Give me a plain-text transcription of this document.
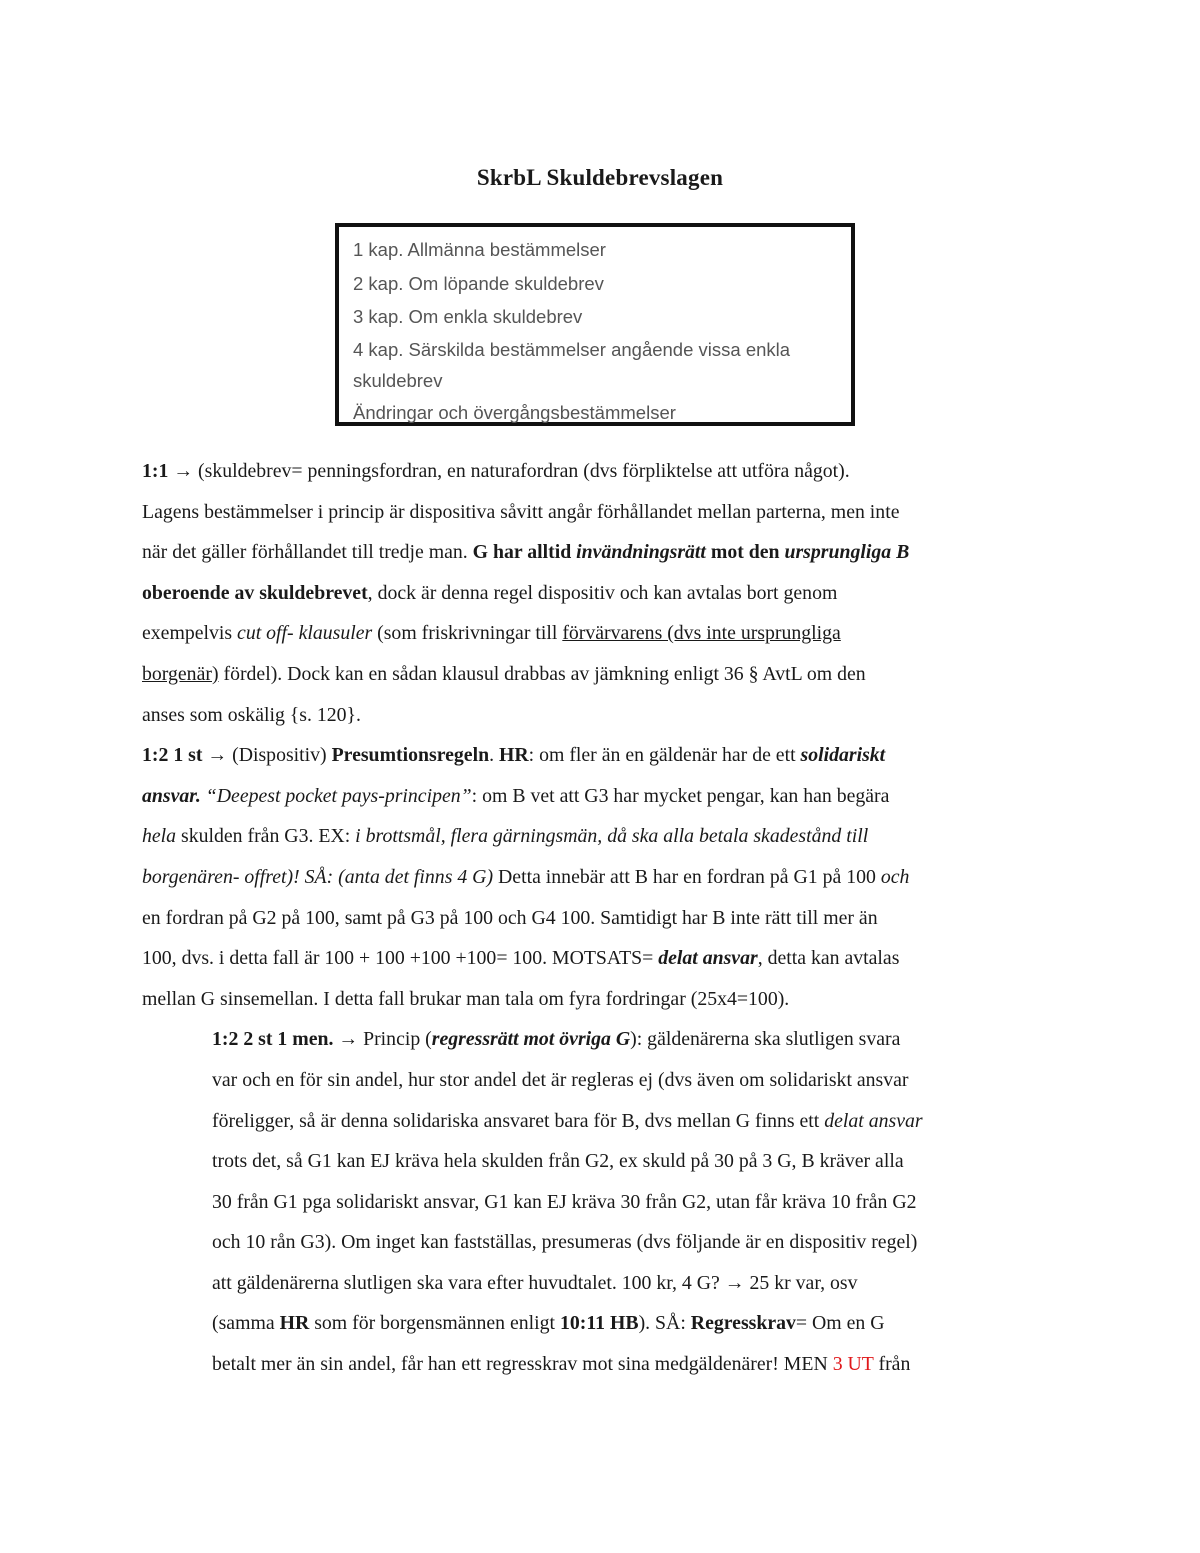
SkrbL Skuldebrevslagen
1 kap. Allmänna bestämmelser
2 kap. Om löpande skuldebrev
3 kap. Om enkla skuldebrev
4 kap. Särskilda bestämmelser angående vissa enkla
skuldebrev
Ändringar och övergångsbestämmelser
1:1 → (skuldebrev= penningsfordran, en naturafordran (dvs förpliktelse att utföra något).
Lagens bestämmelser i princip är dispositiva såvitt angår förhållandet mellan parterna, men inte
när det gäller förhållandet till tredje man. G har alltid invändningsrätt mot den ursprungliga B
oberoende av skuldebrevet, dock är denna regel dispositiv och kan avtalas bort genom
exempelvis cut off- klausuler (som friskrivningar till förvärvarens (dvs inte ursprungliga
borgenär) fördel). Dock kan en sådan klausul drabbas av jämkning enligt 36 § AvtL om den
anses som oskälig {s. 120}.
1:2 1 st → (Dispositiv) Presumtionsregeln. HR: om fler än en gäldenär har de ett solidariskt
ansvar. “Deepest pocket pays-principen”: om B vet att G3 har mycket pengar, kan han begära
hela skulden från G3. EX: i brottsmål, flera gärningsmän, då ska alla betala skadestånd till
borgenären- offret)! SÅ: (anta det finns 4 G) Detta innebär att B har en fordran på G1 på 100 och
en fordran på G2 på 100, samt på G3 på 100 och G4 100. Samtidigt har B inte rätt till mer än
100, dvs. i detta fall är 100 + 100 +100 +100= 100. MOTSATS= delat ansvar, detta kan avtalas
mellan G sinsemellan. I detta fall brukar man tala om fyra fordringar (25x4=100).
1:2 2 st 1 men. → Princip (regressrätt mot övriga G): gäldenärerna ska slutligen svara
var och en för sin andel, hur stor andel det är regleras ej (dvs även om solidariskt ansvar
föreligger, så är denna solidariska ansvaret bara för B, dvs mellan G finns ett delat ansvar
trots det, så G1 kan EJ kräva hela skulden från G2, ex skuld på 30 på 3 G, B kräver alla
30 från G1 pga solidariskt ansvar, G1 kan EJ kräva 30 från G2, utan får kräva 10 från G2
och 10 rån G3). Om inget kan fastställas, presumeras (dvs följande är en dispositiv regel)
att gäldenärerna slutligen ska vara efter huvudtalet. 100 kr, 4 G? → 25 kr var, osv
(samma HR som för borgensmännen enligt 10:11 HB). SÅ: Regresskrav= Om en G
betalt mer än sin andel, får han ett regresskrav mot sina medgäldenärer! MEN 3 UT från
